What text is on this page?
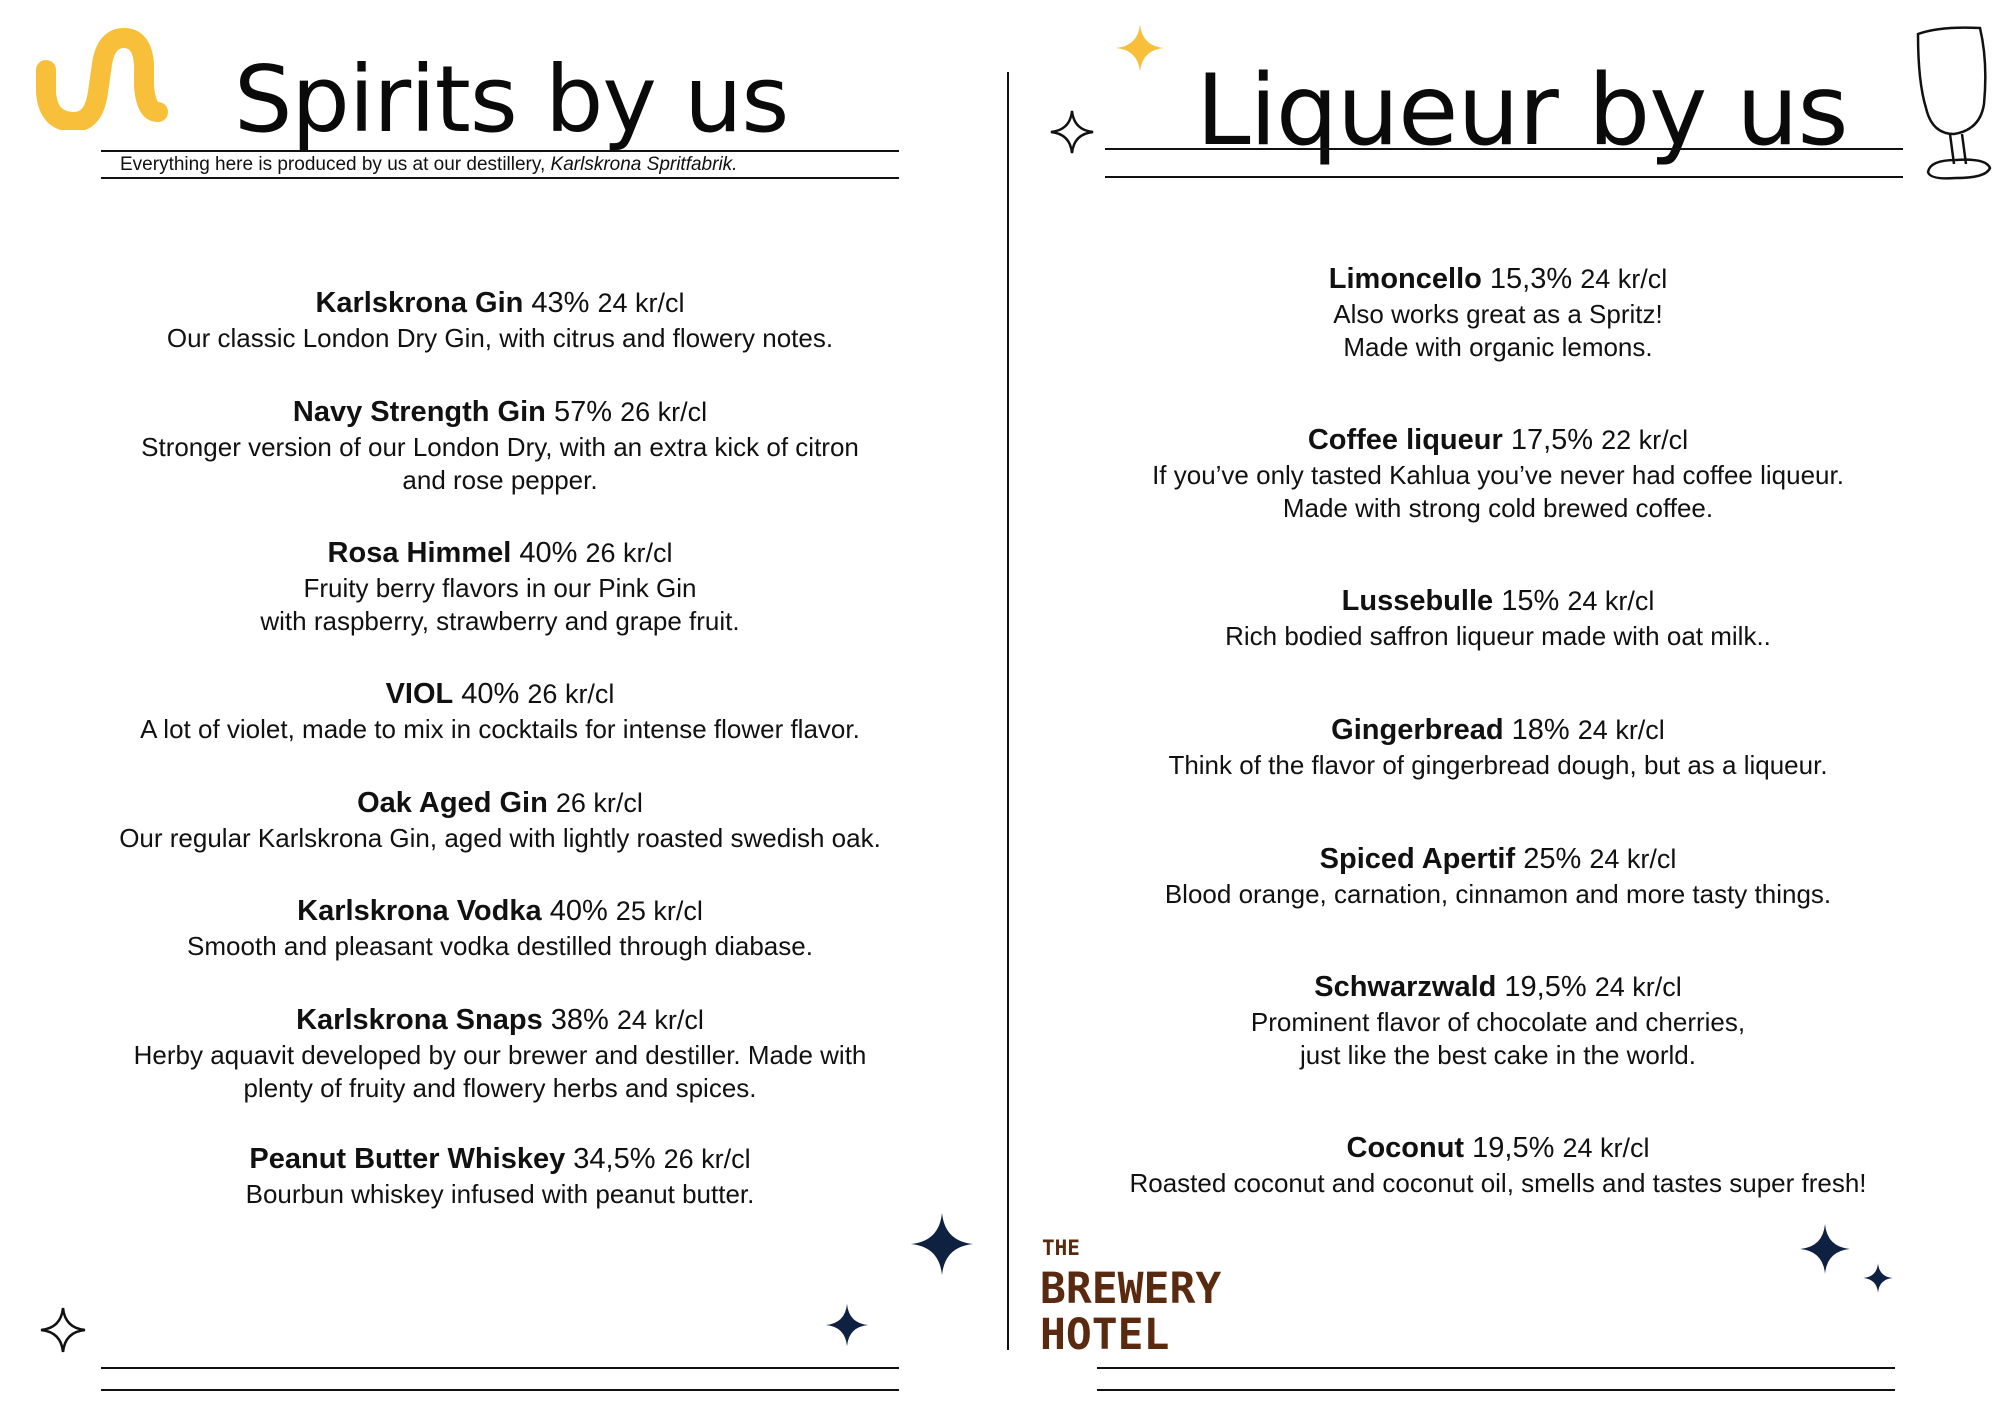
Spirits by us
Everything here is produced by us at our destillery, Karlskrona Spritfabrik.
Karlskrona Gin 43% 24 kr/cl
Our classic London Dry Gin, with citrus and flowery notes.
Navy Strength Gin 57% 26 kr/cl
Stronger version of our London Dry, with an extra kick of citron
and rose pepper.
Rosa Himmel 40% 26 kr/cl
Fruity berry flavors in our Pink Gin
with raspberry, strawberry and grape fruit.
VIOL 40% 26 kr/cl
A lot of violet, made to mix in cocktails for intense flower flavor.
Oak Aged Gin 26 kr/cl
Our regular Karlskrona Gin, aged with lightly roasted swedish oak.
Karlskrona Vodka 40% 25 kr/cl
Smooth and pleasant vodka destilled through diabase.
Karlskrona Snaps 38% 24 kr/cl
Herby aquavit developed by our brewer and destiller. Made with
plenty of fruity and flowery herbs and spices.
Peanut Butter Whiskey 34,5% 26 kr/cl
Bourbun whiskey infused with peanut butter.
Liqueur by us
Limoncello 15,3% 24 kr/cl
Also works great as a Spritz!
Made with organic lemons.
Coffee liqueur 17,5% 22 kr/cl
If you’ve only tasted Kahlua you’ve never had coffee liqueur.
Made with strong cold brewed coffee.
Lussebulle 15% 24 kr/cl
Rich bodied saffron liqueur made with oat milk..
Gingerbread 18% 24 kr/cl
Think of the flavor of gingerbread dough, but as a liqueur.
Spiced Apertif 25% 24 kr/cl
Blood orange, carnation, cinnamon and more tasty things.
Schwarzwald 19,5% 24 kr/cl
Prominent flavor of chocolate and cherries,
just like the best cake in the world.
Coconut 19,5% 24 kr/cl
Roasted coconut and coconut oil, smells and tastes super fresh!
THE
BREWERY
HOTEL
